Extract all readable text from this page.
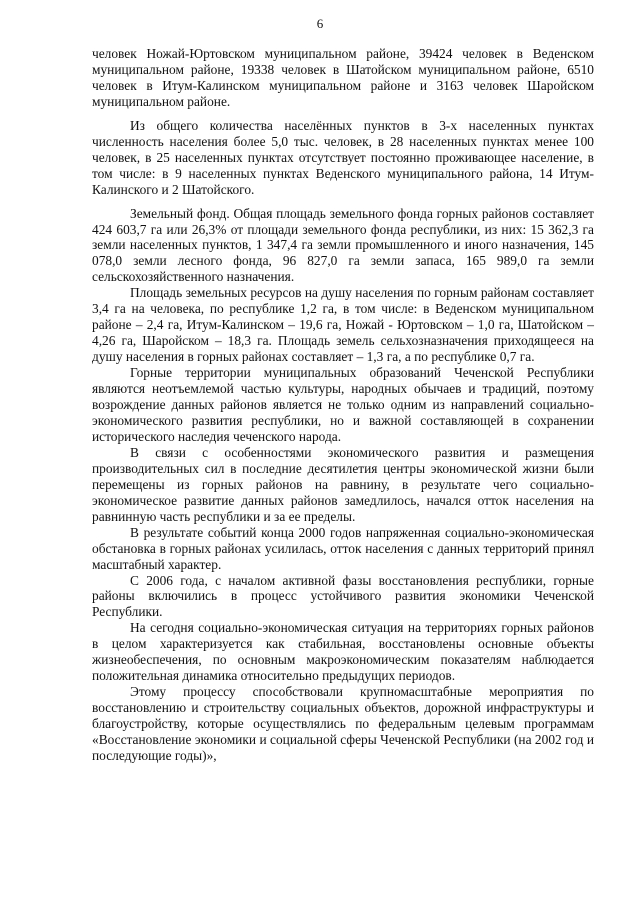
6

человек Ножай-Юртовском муниципальном районе, 39424 человек в Веденском муниципальном районе, 19338 человек в Шатойском муниципальном районе, 6510 человек в Итум-Калинском муниципальном районе и 3163 человек Шаройском муниципальном районе.

Из общего количества населённых пунктов в 3-х населенных пунктах численность населения более 5,0 тыс. человек, в 28 населенных пунктах менее 100 человек, в 25 населенных пунктах отсутствует постоянно проживающее население, в том числе: в 9 населенных пунктах Веденского муниципального района, 14 Итум-Калинского и 2 Шатойского.

Земельный фонд. Общая площадь земельного фонда горных районов составляет 424 603,7 га или 26,3% от площади земельного фонда республики, из них: 15 362,3 га земли населенных пунктов, 1 347,4 га земли промышленного и иного назначения, 145 078,0 земли лесного фонда, 96 827,0 га земли запаса, 165 989,0 га земли сельскохозяйственного назначения.

Площадь земельных ресурсов на душу населения по горным районам составляет 3,4 га на человека, по республике 1,2 га, в том числе: в Веденском муниципальном районе – 2,4 га, Итум-Калинском – 19,6 га, Ножай - Юртовском – 1,0 га, Шатойском – 4,26 га, Шаройском – 18,3 га. Площадь земель сельхозназначения приходящееся на душу населения в горных районах составляет – 1,3 га, а по республике 0,7 га.

Горные территории муниципальных образований Чеченской Республики являются неотъемлемой частью культуры, народных обычаев и традиций, поэтому возрождение данных районов является не только одним из направлений социально-экономического развития республики, но и важной составляющей в сохранении исторического наследия чеченского народа.

В связи с особенностями экономического развития и размещения производительных сил в последние десятилетия центры экономической жизни были перемещены из горных районов на равнину, в результате чего социально-экономическое развитие данных районов замедлилось, начался отток населения на равнинную часть республики и за ее пределы.

В результате событий конца 2000 годов напряженная социально-экономическая обстановка в горных районах усилилась, отток населения с данных территорий принял масштабный характер.

С 2006 года, с началом активной фазы восстановления республики, горные районы включились в процесс устойчивого развития экономики Чеченской Республики.

На сегодня социально-экономическая ситуация на территориях горных районов в целом характеризуется как стабильная, восстановлены основные объекты жизнеобеспечения, по основным макроэкономическим показателям наблюдается положительная динамика относительно предыдущих периодов.

Этому процессу способствовали крупномасштабные мероприятия по восстановлению и строительству социальных объектов, дорожной инфраструктуры и благоустройству, которые осуществлялись по федеральным целевым программам «Восстановление экономики и социальной сферы Чеченской Республики (на 2002 год и последующие годы)»,
